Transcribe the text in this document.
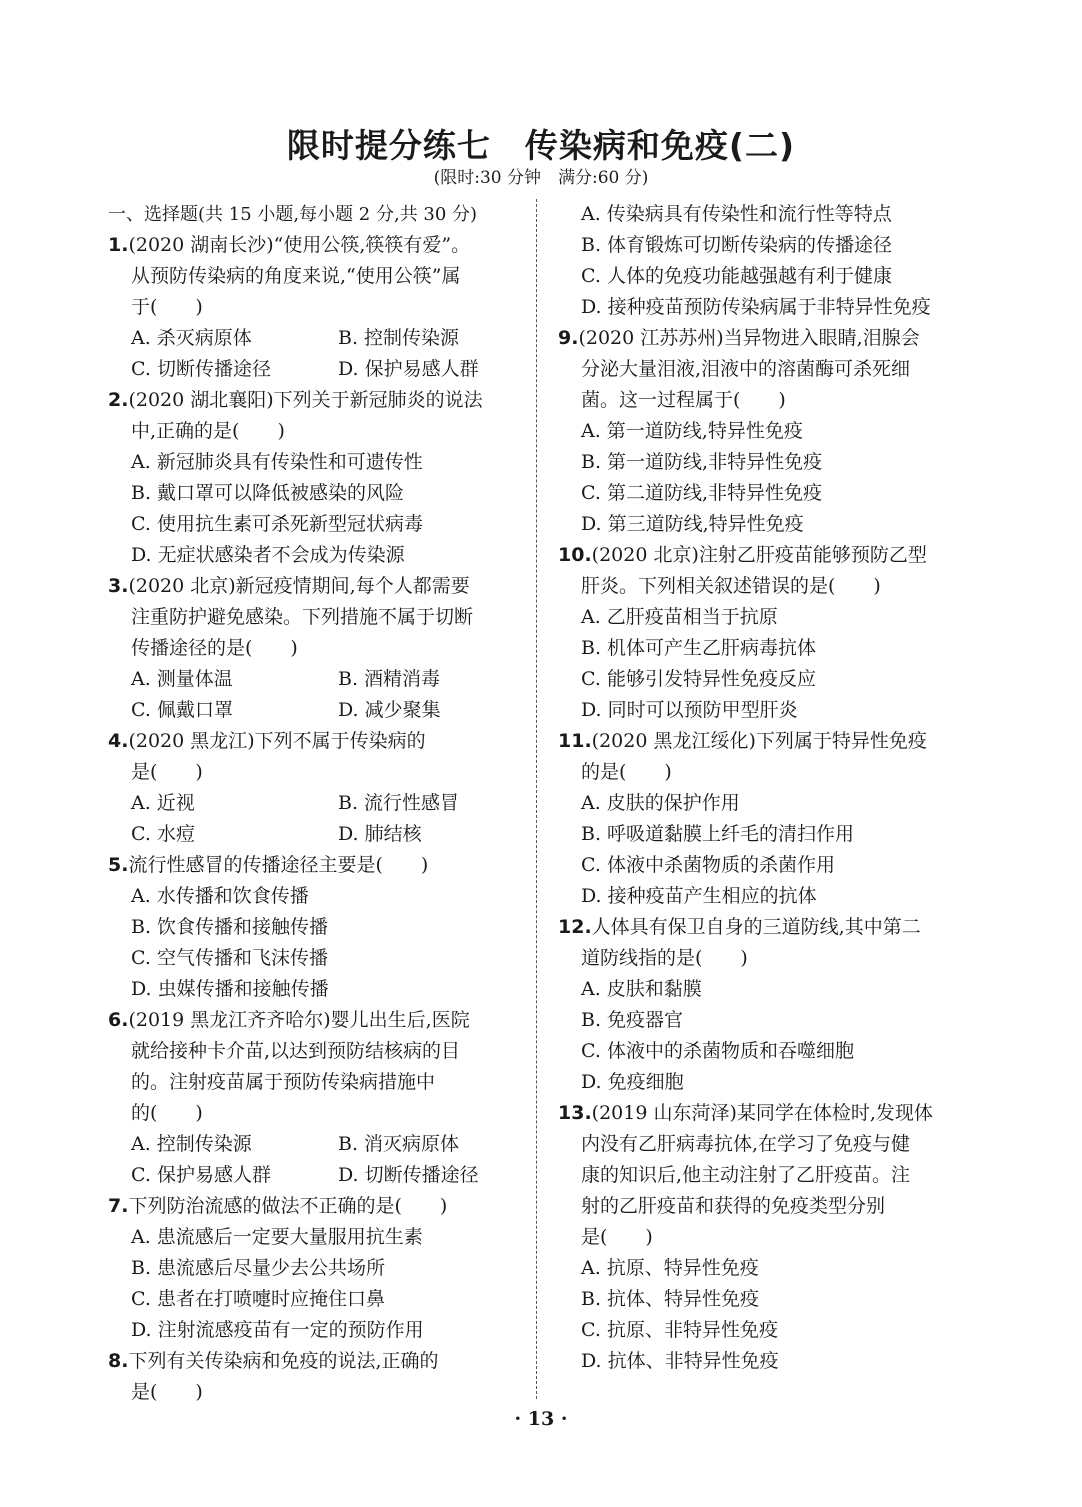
限时提分练七　传染病和免疫(二)
(限时:30 分钟　满分:60 分)
一、选择题(共 15 小题,每小题 2 分,共 30 分)
1.(2020 湖南长沙)“使用公筷,筷筷有爱”。
从预防传染病的角度来说,“使用公筷”属
于(　　)
A. 杀灭病原体	B. 控制传染源
C. 切断传播途径	D. 保护易感人群
2.(2020 湖北襄阳)下列关于新冠肺炎的说法
中,正确的是(　　)
A. 新冠肺炎具有传染性和可遗传性
B. 戴口罩可以降低被感染的风险
C. 使用抗生素可杀死新型冠状病毒
D. 无症状感染者不会成为传染源
3.(2020 北京)新冠疫情期间,每个人都需要
注重防护避免感染。下列措施不属于切断
传播途径的是(　　)
A. 测量体温	B. 酒精消毒
C. 佩戴口罩	D. 减少聚集
4.(2020 黑龙江)下列不属于传染病的
是(　　)
A. 近视	B. 流行性感冒
C. 水痘	D. 肺结核
5.流行性感冒的传播途径主要是(　　)
A. 水传播和饮食传播
B. 饮食传播和接触传播
C. 空气传播和飞沫传播
D. 虫媒传播和接触传播
6.(2019 黑龙江齐齐哈尔)婴儿出生后,医院
就给接种卡介苗,以达到预防结核病的目
的。注射疫苗属于预防传染病措施中
的(　　)
A. 控制传染源	B. 消灭病原体
C. 保护易感人群	D. 切断传播途径
7.下列防治流感的做法不正确的是(　　)
A. 患流感后一定要大量服用抗生素
B. 患流感后尽量少去公共场所
C. 患者在打喷嚏时应掩住口鼻
D. 注射流感疫苗有一定的预防作用
8.下列有关传染病和免疫的说法,正确的
是(　　)
A. 传染病具有传染性和流行性等特点
B. 体育锻炼可切断传染病的传播途径
C. 人体的免疫功能越强越有利于健康
D. 接种疫苗预防传染病属于非特异性免疫
9.(2020 江苏苏州)当异物进入眼睛,泪腺会
分泌大量泪液,泪液中的溶菌酶可杀死细
菌。这一过程属于(　　)
A. 第一道防线,特异性免疫
B. 第一道防线,非特异性免疫
C. 第二道防线,非特异性免疫
D. 第三道防线,特异性免疫
10.(2020 北京)注射乙肝疫苗能够预防乙型
肝炎。下列相关叙述错误的是(　　)
A. 乙肝疫苗相当于抗原
B. 机体可产生乙肝病毒抗体
C. 能够引发特异性免疫反应
D. 同时可以预防甲型肝炎
11.(2020 黑龙江绥化)下列属于特异性免疫
的是(　　)
A. 皮肤的保护作用
B. 呼吸道黏膜上纤毛的清扫作用
C. 体液中杀菌物质的杀菌作用
D. 接种疫苗产生相应的抗体
12.人体具有保卫自身的三道防线,其中第二
道防线指的是(　　)
A. 皮肤和黏膜
B. 免疫器官
C. 体液中的杀菌物质和吞噬细胞
D. 免疫细胞
13.(2019 山东菏泽)某同学在体检时,发现体
内没有乙肝病毒抗体,在学习了免疫与健
康的知识后,他主动注射了乙肝疫苗。注
射的乙肝疫苗和获得的免疫类型分别
是(　　)
A. 抗原、特异性免疫
B. 抗体、特异性免疫
C. 抗原、非特异性免疫
D. 抗体、非特异性免疫
· 13 ·
